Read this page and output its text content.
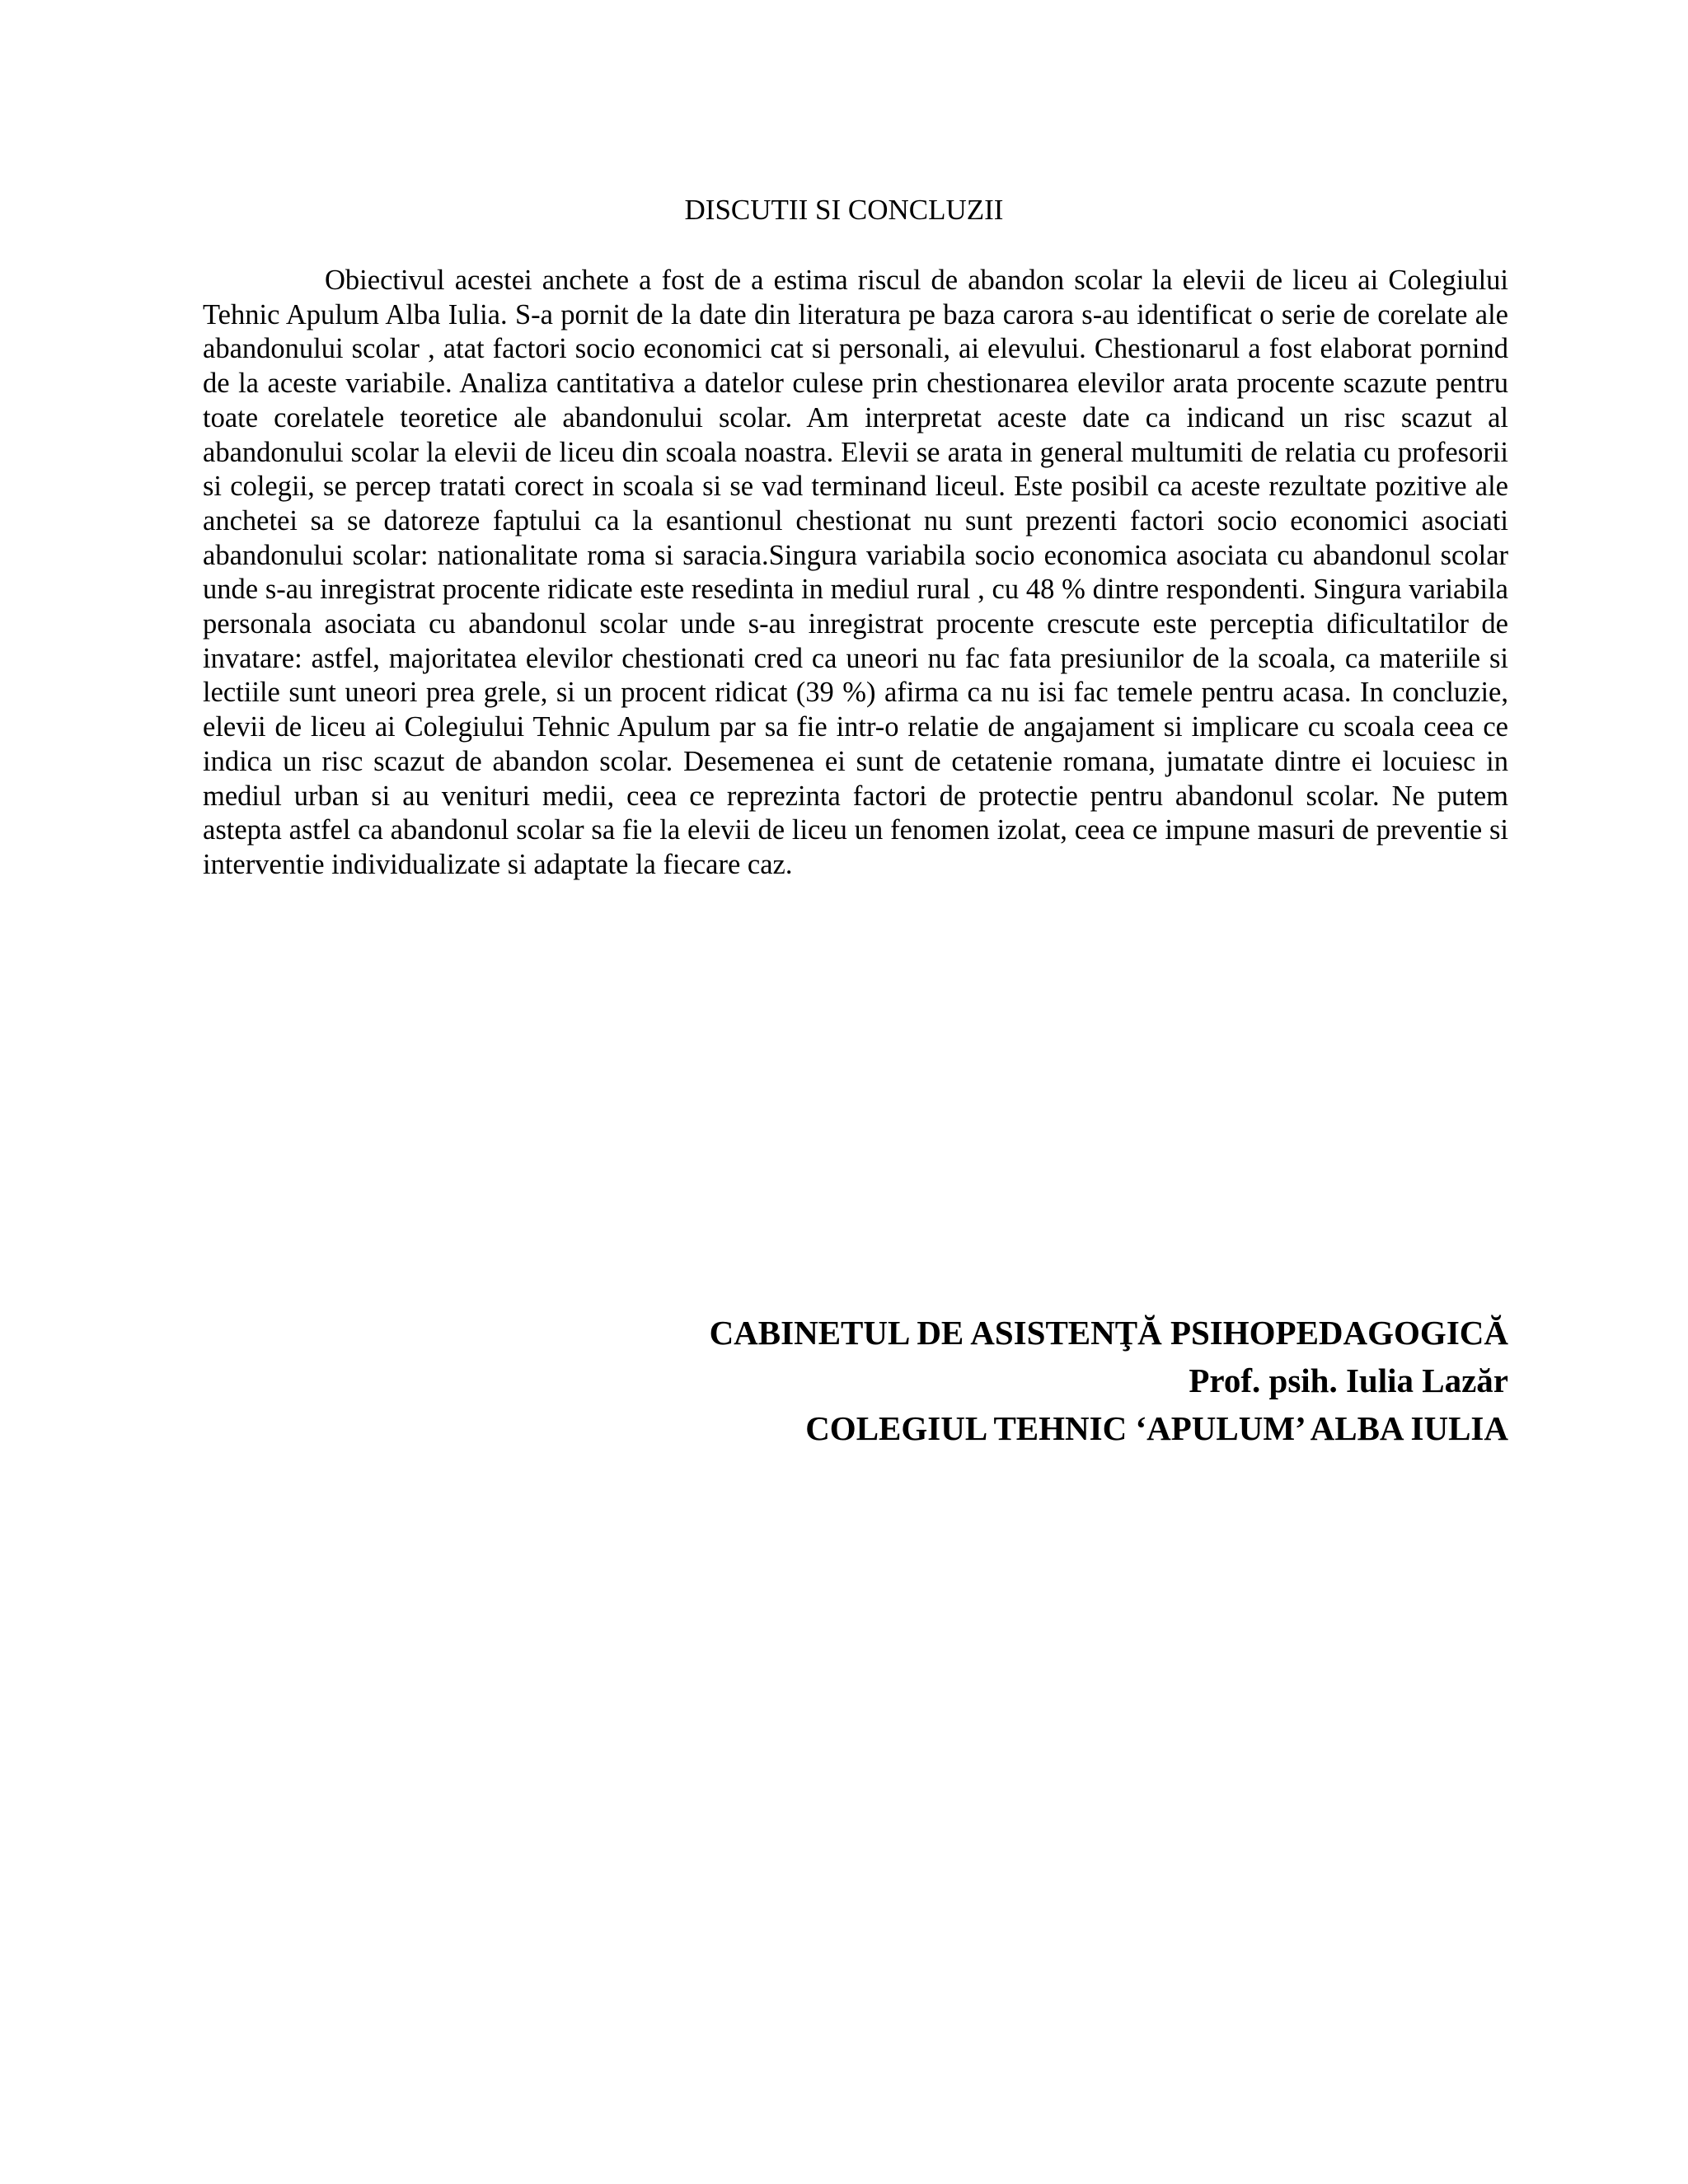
DISCUTII SI CONCLUZII

Obiectivul acestei anchete a fost de a estima riscul de abandon scolar la elevii de liceu ai Colegiului Tehnic Apulum Alba Iulia. S-a pornit de la date din literatura pe baza carora s-au identificat o serie de corelate ale abandonului scolar , atat factori socio economici cat si personali, ai elevului. Chestionarul a fost elaborat pornind de la aceste variabile. Analiza cantitativa a datelor culese prin chestionarea elevilor arata procente scazute pentru toate corelatele teoretice ale abandonului scolar. Am interpretat aceste date ca indicand un risc scazut al abandonului scolar la elevii de liceu din scoala noastra. Elevii se arata in general multumiti de relatia cu profesorii si colegii, se percep tratati corect in scoala si se vad terminand liceul. Este posibil ca aceste rezultate pozitive ale anchetei sa se datoreze faptului ca la esantionul chestionat nu sunt prezenti factori socio economici asociati abandonului scolar: nationalitate roma si saracia.Singura variabila socio economica asociata cu abandonul scolar unde s-au inregistrat procente ridicate este resedinta in mediul rural , cu 48 % dintre respondenti. Singura variabila personala asociata cu abandonul scolar unde s-au inregistrat procente crescute este perceptia dificultatilor de invatare: astfel, majoritatea elevilor chestionati cred ca uneori nu fac fata presiunilor de la scoala, ca materiile si lectiile sunt uneori prea grele, si un procent ridicat (39 %) afirma ca nu isi fac temele pentru acasa. In concluzie, elevii de liceu ai Colegiului Tehnic Apulum par sa fie intr-o relatie de angajament si implicare cu scoala ceea ce indica un risc scazut de abandon scolar. Desemenea ei sunt de cetatenie romana, jumatate dintre ei locuiesc in mediul urban si au venituri medii, ceea ce reprezinta factori de protectie pentru abandonul scolar. Ne putem astepta astfel ca abandonul scolar sa fie la elevii de liceu un fenomen izolat, ceea ce impune masuri de preventie si interventie individualizate si adaptate la fiecare caz.

CABINETUL DE ASISTENŢĂ PSIHOPEDAGOGICĂ
Prof. psih. Iulia Lazăr
COLEGIUL TEHNIC ‘APULUM’ ALBA IULIA
